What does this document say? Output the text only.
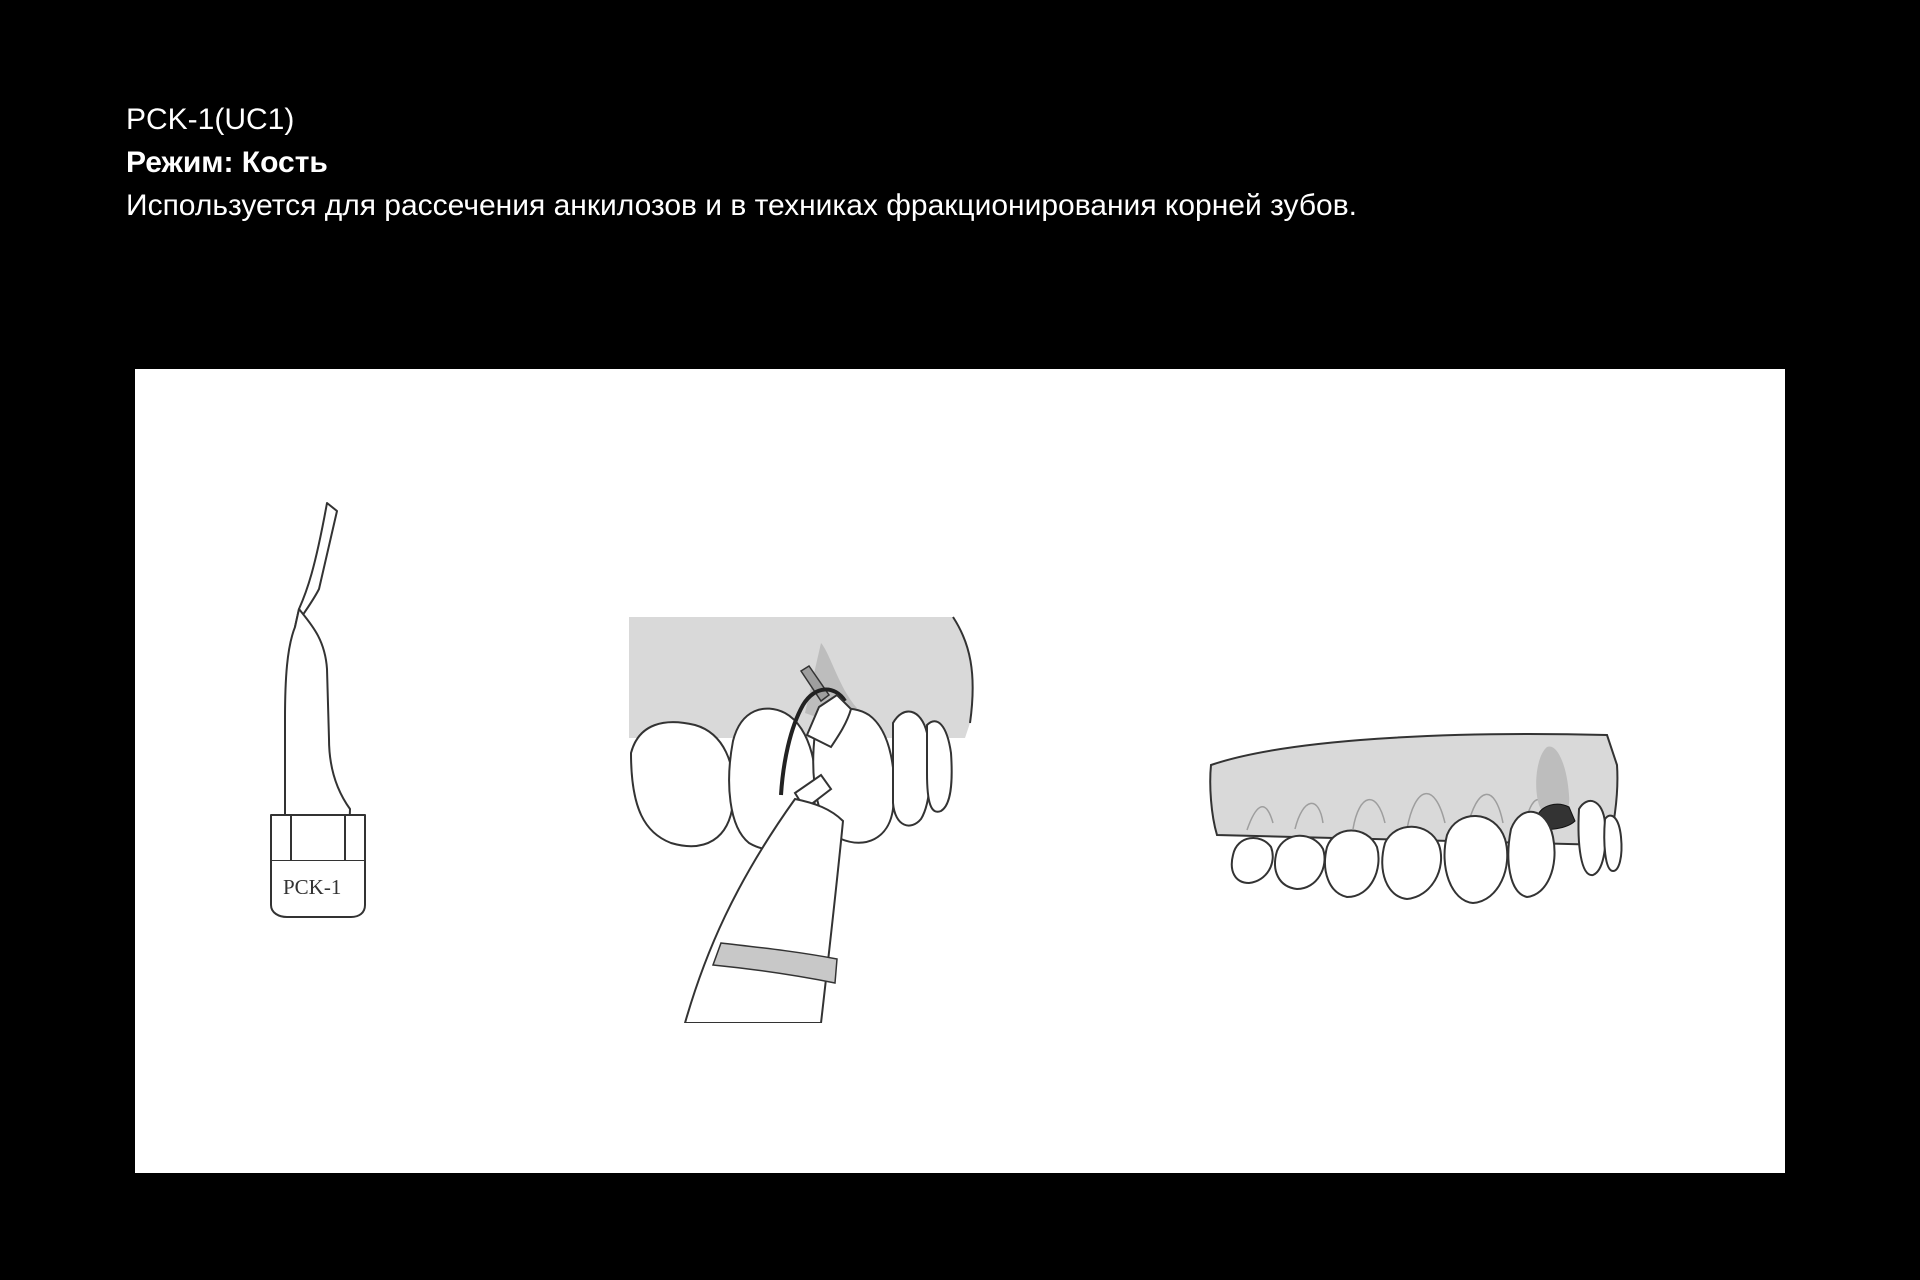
PCK-1(UC1)
Режим: Кость
Используется для рассечения анкилозов и в техниках фракционирования корней зубов.
PCK-1
